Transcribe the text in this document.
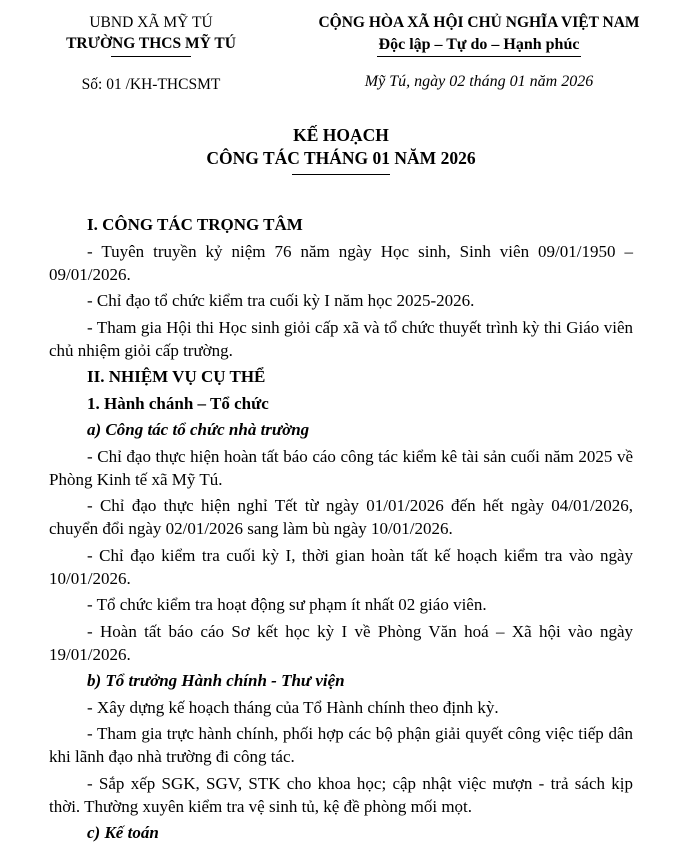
UBND XÃ MỸ TÚ
TRƯỜNG THCS MỸ TÚ
Số: 01 /KH-THCSMT
CỘNG HÒA XÃ HỘI CHỦ NGHĨA VIỆT NAM
Độc lập – Tự do – Hạnh phúc
Mỹ Tú, ngày 02 tháng 01 năm 2026
KẾ HOẠCH
CÔNG TÁC THÁNG 01 NĂM 2026

I. CÔNG TÁC TRỌNG TÂM

- Tuyên truyền kỷ niệm 76 năm ngày Học sinh, Sinh viên 09/01/1950 – 09/01/2026.

- Chỉ đạo tổ chức kiểm tra cuối kỳ I năm học 2025-2026.

- Tham gia Hội thi Học sinh giỏi cấp xã và tổ chức thuyết trình kỳ thi Giáo viên chủ nhiệm giỏi cấp trường.

II. NHIỆM VỤ CỤ THỂ

1. Hành chánh – Tổ chức

a) Công tác tổ chức nhà trường

- Chỉ đạo thực hiện hoàn tất báo cáo công tác kiểm kê tài sản cuối năm 2025 về Phòng Kinh tế xã Mỹ Tú.

- Chỉ đạo thực hiện nghỉ Tết từ ngày 01/01/2026 đến hết ngày 04/01/2026, chuyển đổi ngày 02/01/2026 sang làm bù ngày 10/01/2026.

- Chỉ đạo kiểm tra cuối kỳ I, thời gian hoàn tất kế hoạch kiểm tra vào ngày 10/01/2026.

- Tổ chức kiểm tra hoạt động sư phạm ít nhất 02 giáo viên.

- Hoàn tất báo cáo Sơ kết học kỳ I về Phòng Văn hoá – Xã hội vào ngày 19/01/2026.

b) Tổ trưởng Hành chính - Thư viện

- Xây dựng kế hoạch tháng của Tổ Hành chính theo định kỳ.

- Tham gia trực hành chính, phối hợp các bộ phận giải quyết công việc tiếp dân khi lãnh đạo nhà trường đi công tác.

- Sắp xếp SGK, SGV, STK cho khoa học; cập nhật việc mượn - trả sách kịp thời. Thường xuyên kiểm tra vệ sinh tủ, kệ đề phòng mối mọt.

c) Kế toán
